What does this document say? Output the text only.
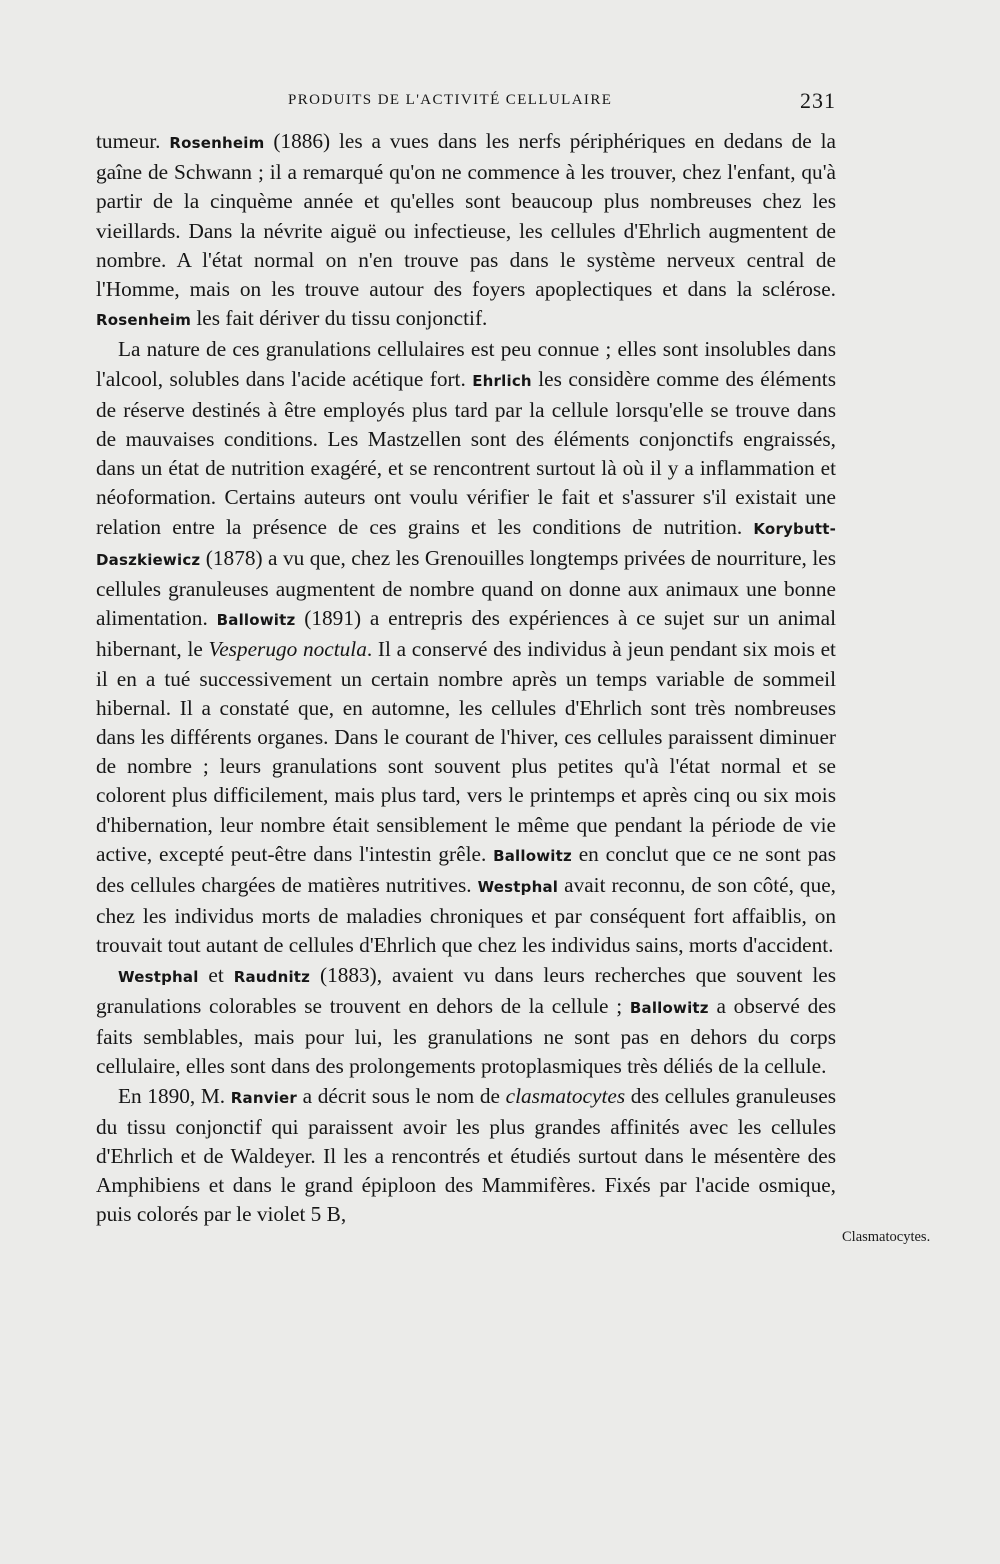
PRODUITS DE L'ACTIVITÉ CELLULAIRE	231

tumeur. Rosenheim (1886) les a vues dans les nerfs périphériques en dedans de la gaîne de Schwann ; il a remarqué qu'on ne commence à les trouver, chez l'enfant, qu'à partir de la cinquème année et qu'elles sont beaucoup plus nombreuses chez les vieillards. Dans la névrite aiguë ou infectieuse, les cellules d'Ehrlich augmentent de nombre. A l'état normal on n'en trouve pas dans le système nerveux central de l'Homme, mais on les trouve autour des foyers apoplectiques et dans la sclérose. Rosenheim les fait dériver du tissu conjonctif.

La nature de ces granulations cellulaires est peu connue ; elles sont insolubles dans l'alcool, solubles dans l'acide acétique fort. Ehrlich les considère comme des éléments de réserve destinés à être employés plus tard par la cellule lorsqu'elle se trouve dans de mauvaises conditions. Les Mastzellen sont des éléments conjonctifs engraissés, dans un état de nutrition exagéré, et se rencontrent surtout là où il y a inflammation et néoformation. Certains auteurs ont voulu vérifier le fait et s'assurer s'il existait une relation entre la présence de ces grains et les conditions de nutrition. Korybutt-Daszkiewicz (1878) a vu que, chez les Grenouilles longtemps privées de nourriture, les cellules granuleuses augmentent de nombre quand on donne aux animaux une bonne alimentation. Ballowitz (1891) a entrepris des expériences à ce sujet sur un animal hibernant, le Vesperugo noctula. Il a conservé des individus à jeun pendant six mois et il en a tué successivement un certain nombre après un temps variable de sommeil hibernal. Il a constaté que, en automne, les cellules d'Ehrlich sont très nombreuses dans les différents organes. Dans le courant de l'hiver, ces cellules paraissent diminuer de nombre ; leurs granulations sont souvent plus petites qu'à l'état normal et se colorent plus difficilement, mais plus tard, vers le printemps et après cinq ou six mois d'hibernation, leur nombre était sensiblement le même que pendant la période de vie active, excepté peut-être dans l'intestin grêle. Ballowitz en conclut que ce ne sont pas des cellules chargées de matières nutritives. Westphal avait reconnu, de son côté, que, chez les individus morts de maladies chroniques et par conséquent fort affaiblis, on trouvait tout autant de cellules d'Ehrlich que chez les individus sains, morts d'accident.

Westphal et Raudnitz (1883), avaient vu dans leurs recherches que souvent les granulations colorables se trouvent en dehors de la cellule ; Ballowitz a observé des faits semblables, mais pour lui, les granulations ne sont pas en dehors du corps cellulaire, elles sont dans des prolongements protoplasmiques très déliés de la cellule.

En 1890, M. Ranvier a décrit sous le nom de clasmatocytes des cellules granuleuses du tissu conjonctif qui paraissent avoir les plus grandes affinités avec les cellules d'Ehrlich et de Waldeyer. Il les a rencontrés et étudiés surtout dans le mésentère des Amphibiens et dans le grand épiploon des Mammifères. Fixés par l'acide osmique, puis colorés par le violet 5 B,

Clasmatocytes.
